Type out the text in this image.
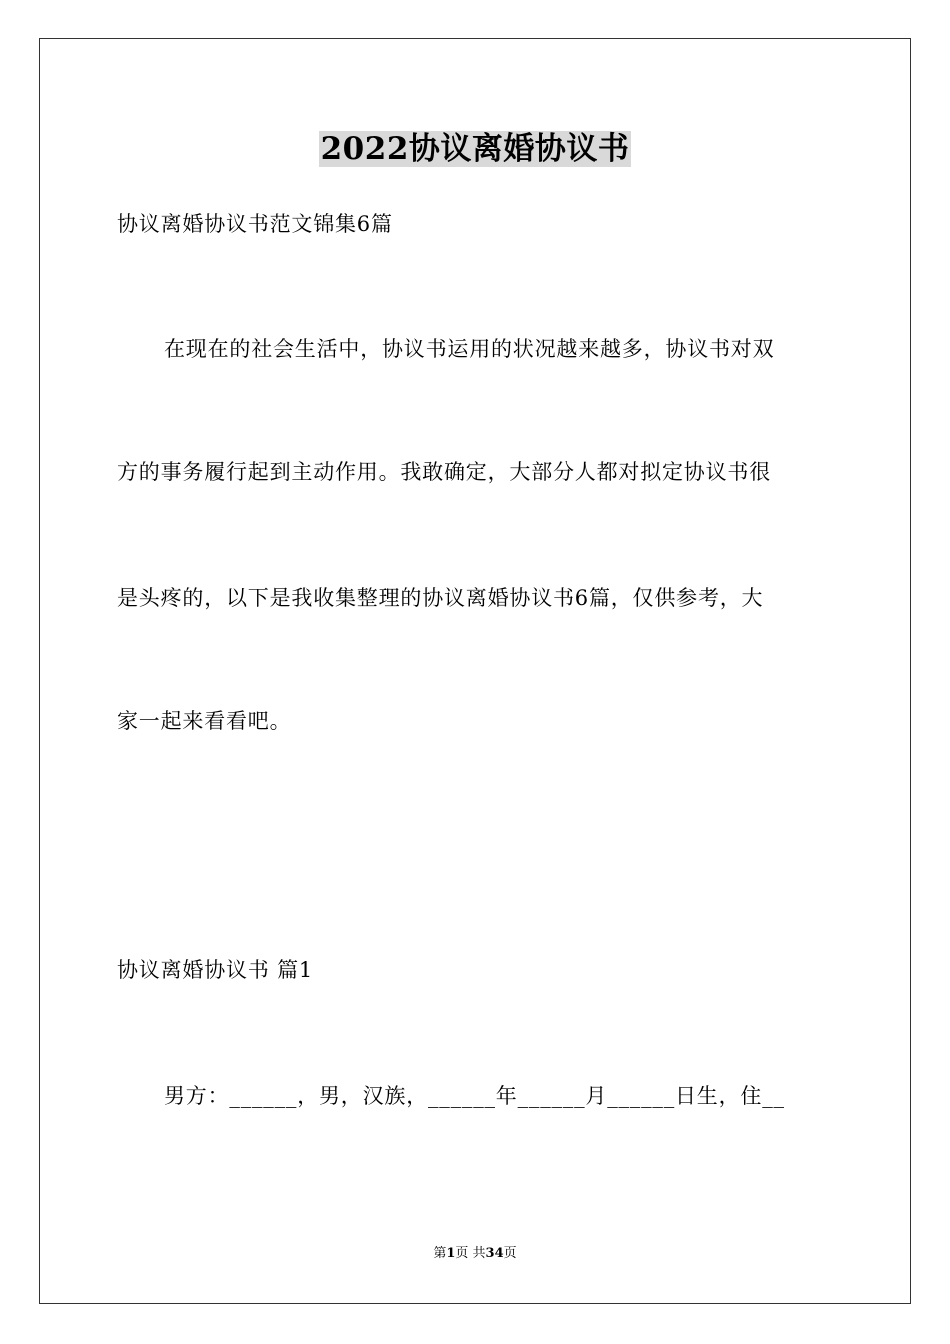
2022协议离婚协议书
协议离婚协议书范文锦集6篇
在现在的社会生活中，协议书运用的状况越来越多，协议书对双
方的事务履行起到主动作用。我敢确定，大部分人都对拟定协议书很
是头疼的，以下是我收集整理的协议离婚协议书6篇，仅供参考，大
家一起来看看吧。
协议离婚协议书 篇1
男方：______，男，汉族，______年______月______日生，住__
第1页 共34页
